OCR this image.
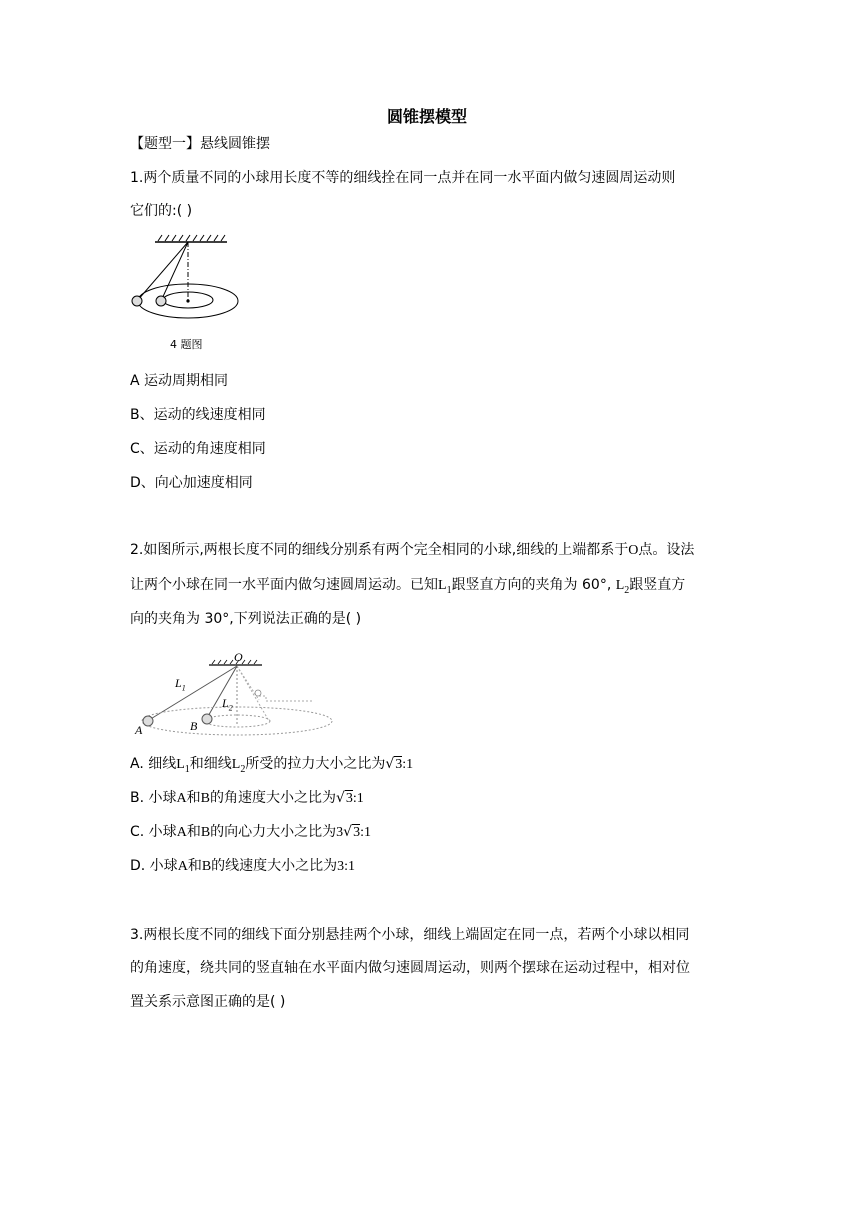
圆锥摆模型
【题型一】悬线圆锥摆
1.两个质量不同的小球用长度不等的细线拴在同一点并在同一水平面内做匀速圆周运动则
它们的:( )
4 题图
A 运动周期相同
B、运动的线速度相同
C、运动的角速度相同
D、向心加速度相同
2.如图所示,两根长度不同的细线分别系有两个完全相同的小球,细线的上端都系于O点。设法
让两个小球在同一水平面内做匀速圆周运动。已知$L_1$跟竖直方向的夹角为 60°, $L_2$跟竖直方
向的夹角为 30°,下列说法正确的是( )
O
$L_1$
$L_2$
A	B
A. 细线$L_1$和细线$L_2$所受的拉力大小之比为√3:1
B. 小球A和B的角速度大小之比为√3:1
C. 小球A和B的向心力大小之比为3√3:1
D. 小球A和B的线速度大小之比为3:1
3.两根长度不同的细线下面分别悬挂两个小球，细线上端固定在同一点，若两个小球以相同
的角速度，绕共同的竖直轴在水平面内做匀速圆周运动，则两个摆球在运动过程中，相对位
置关系示意图正确的是( )
